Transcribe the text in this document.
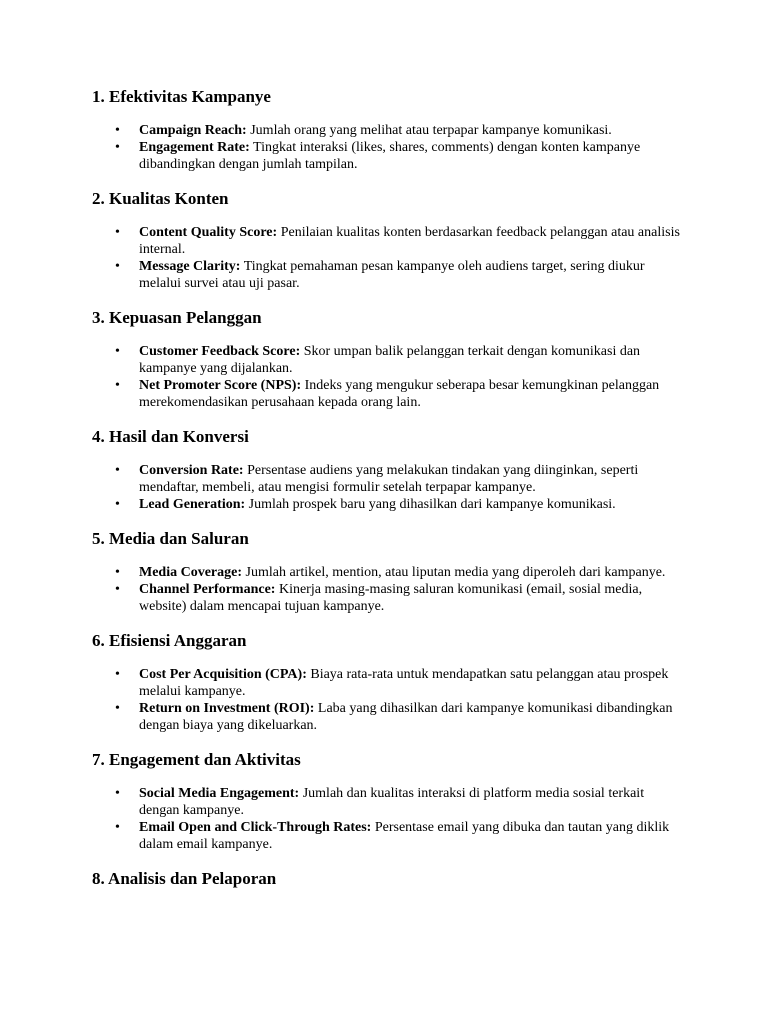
1. Efektivitas Kampanye
• Campaign Reach: Jumlah orang yang melihat atau terpapar kampanye komunikasi.
• Engagement Rate: Tingkat interaksi (likes, shares, comments) dengan konten kampanye dibandingkan dengan jumlah tampilan.
2. Kualitas Konten
• Content Quality Score: Penilaian kualitas konten berdasarkan feedback pelanggan atau analisis internal.
• Message Clarity: Tingkat pemahaman pesan kampanye oleh audiens target, sering diukur melalui survei atau uji pasar.
3. Kepuasan Pelanggan
• Customer Feedback Score: Skor umpan balik pelanggan terkait dengan komunikasi dan kampanye yang dijalankan.
• Net Promoter Score (NPS): Indeks yang mengukur seberapa besar kemungkinan pelanggan merekomendasikan perusahaan kepada orang lain.
4. Hasil dan Konversi
• Conversion Rate: Persentase audiens yang melakukan tindakan yang diinginkan, seperti mendaftar, membeli, atau mengisi formulir setelah terpapar kampanye.
• Lead Generation: Jumlah prospek baru yang dihasilkan dari kampanye komunikasi.
5. Media dan Saluran
• Media Coverage: Jumlah artikel, mention, atau liputan media yang diperoleh dari kampanye.
• Channel Performance: Kinerja masing-masing saluran komunikasi (email, sosial media, website) dalam mencapai tujuan kampanye.
6. Efisiensi Anggaran
• Cost Per Acquisition (CPA): Biaya rata-rata untuk mendapatkan satu pelanggan atau prospek melalui kampanye.
• Return on Investment (ROI): Laba yang dihasilkan dari kampanye komunikasi dibandingkan dengan biaya yang dikeluarkan.
7. Engagement dan Aktivitas
• Social Media Engagement: Jumlah dan kualitas interaksi di platform media sosial terkait dengan kampanye.
• Email Open and Click-Through Rates: Persentase email yang dibuka dan tautan yang diklik dalam email kampanye.
8. Analisis dan Pelaporan
